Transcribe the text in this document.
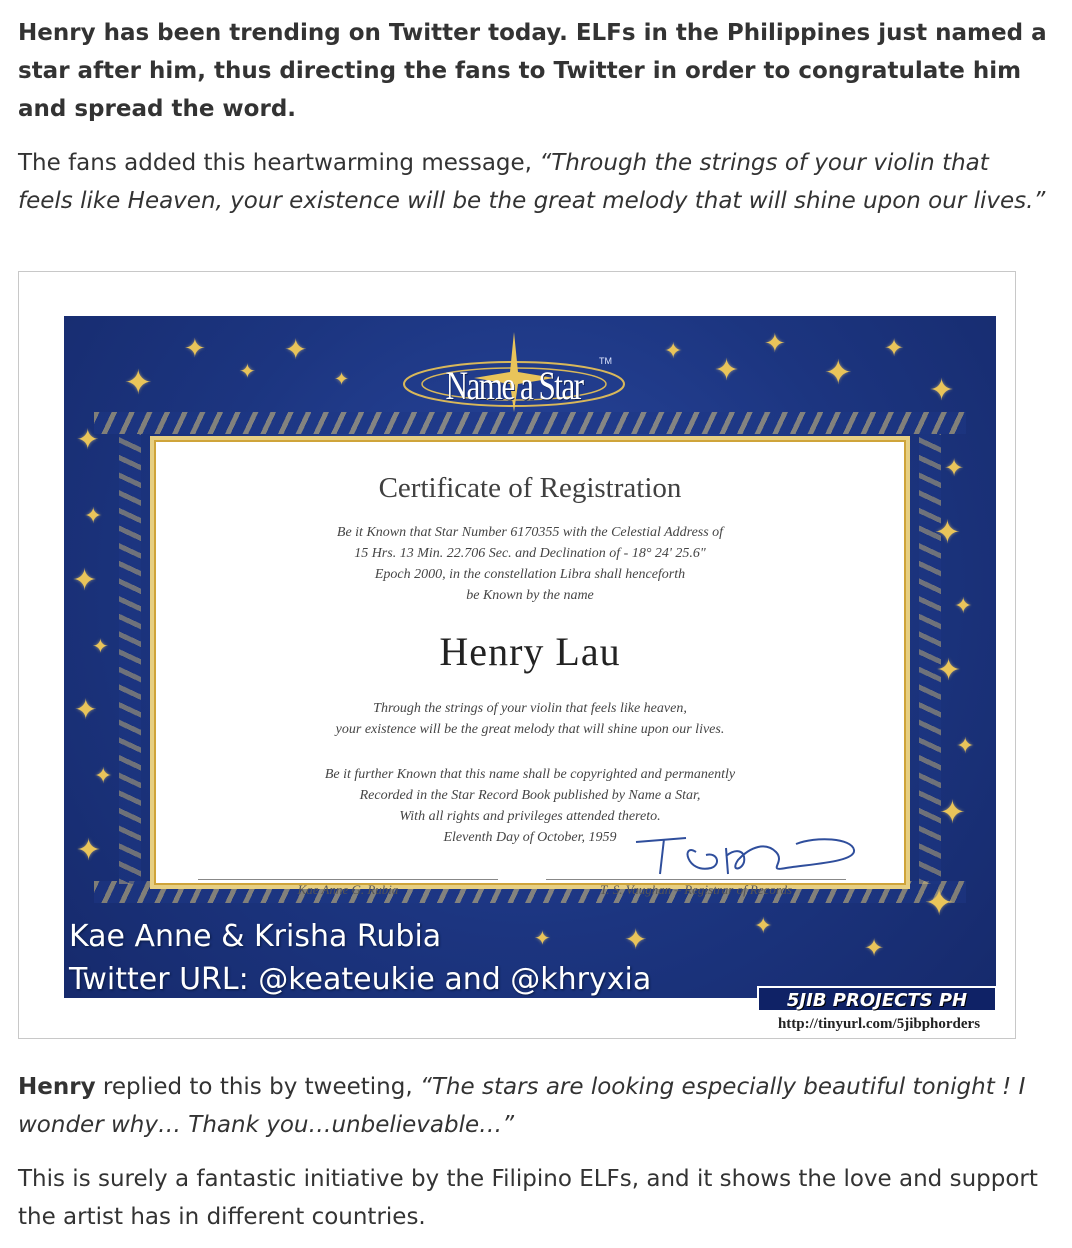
Henry has been trending on Twitter today. ELFs in the Philippines just named a star after him, thus directing the fans to Twitter in order to congratulate him and spread the word.

The fans added this heartwarming message, “Through the strings of your violin that feels like Heaven, your existence will be the great melody that will shine upon our lives.”

✦
✦
✦
✦
✦
✦
✦
✦
✦
✦
✦
✦
✦
✦
✦
✦
✦
✦
✦
✦
✦
✦
✦
✦
✦
✦
✦
✦
✦
Name a Star
TM
Certificate of Registration
Be it Known that Star Number 6170355 with the Celestial Address of
15 Hrs. 13 Min. 22.706 Sec. and Declination of - 18° 24' 25.6"
Epoch 2000, in the constellation Libra shall henceforth
be Known by the name
Henry Lau
Through the strings of your violin that feels like heaven,
your existence will be the great melody that will shine upon our lives.
Be it further Known that this name shall be copyrighted and permanently
Recorded in the Star Record Book published by Name a Star,
With all rights and privileges attended thereto.
Eleventh Day of October, 1959
Kae Anne G. Rubia	T. S. Vaughan – Registrar of Records
Kae Anne & Krisha Rubia
Twitter URL: @keateukie and @khryxia
5JIB PROJECTS PH
http://tinyurl.com/5jibphorders

Henry replied to this by tweeting, “The stars are looking especially beautiful tonight ! I wonder why… Thank you…unbelievable…”

This is surely a fantastic initiative by the Filipino ELFs, and it shows the love and support the artist has in different countries.
